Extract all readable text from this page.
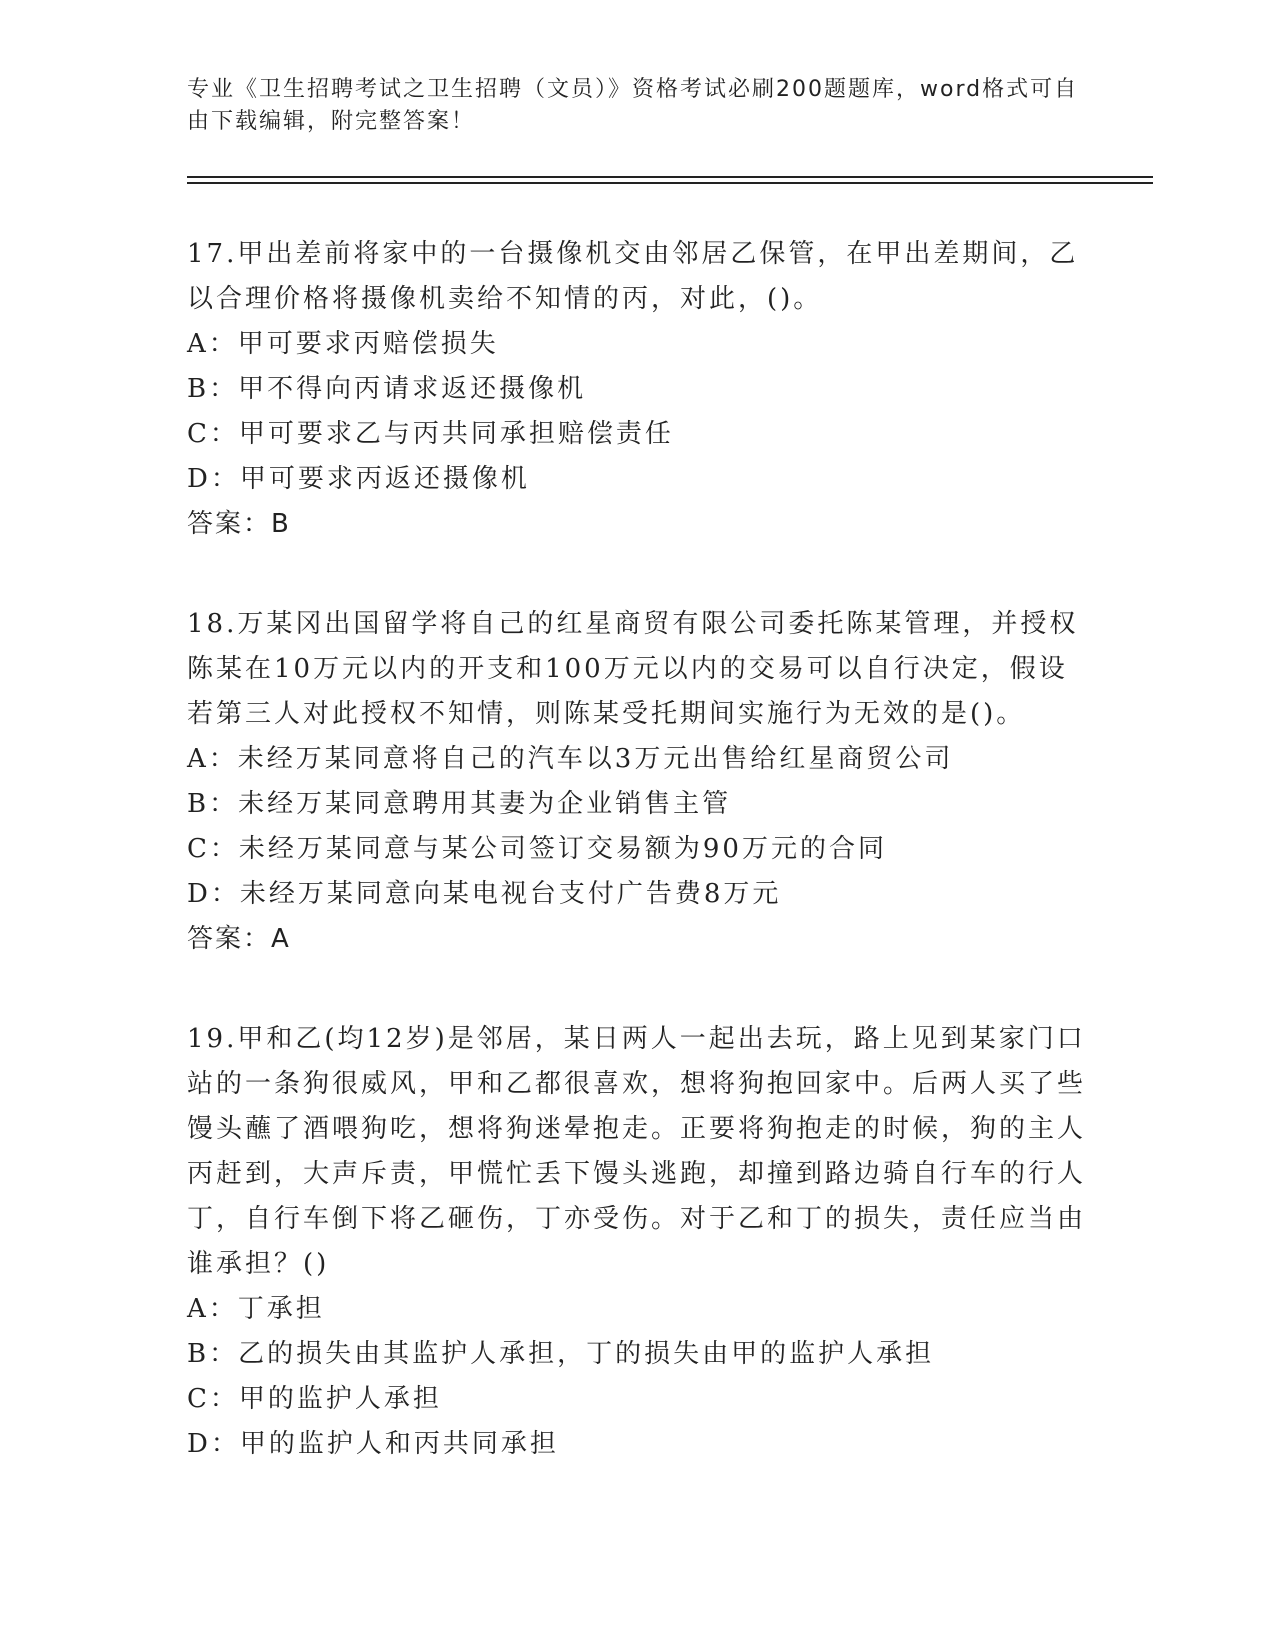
专业《卫生招聘考试之卫生招聘（文员）》资格考试必刷200题题库，word格式可自由下载编辑，附完整答案！

17.甲出差前将家中的一台摄像机交由邻居乙保管，在甲出差期间，乙以合理价格将摄像机卖给不知情的丙，对此，()。

A：甲可要求丙赔偿损失

B：甲不得向丙请求返还摄像机

C：甲可要求乙与丙共同承担赔偿责任

D：甲可要求丙返还摄像机

答案：B

18.万某冈出国留学将自己的红星商贸有限公司委托陈某管理，并授权陈某在10万元以内的开支和100万元以内的交易可以自行决定，假设若第三人对此授权不知情，则陈某受托期间实施行为无效的是()。

A：未经万某同意将自己的汽车以3万元出售给红星商贸公司

B：未经万某同意聘用其妻为企业销售主管

C：未经万某同意与某公司签订交易额为90万元的合同

D：未经万某同意向某电视台支付广告费8万元

答案：A

19.甲和乙(均12岁)是邻居，某日两人一起出去玩，路上见到某家门口站的一条狗很威风，甲和乙都很喜欢，想将狗抱回家中。后两人买了些馒头蘸了酒喂狗吃，想将狗迷晕抱走。正要将狗抱走的时候，狗的主人丙赶到，大声斥责，甲慌忙丢下馒头逃跑，却撞到路边骑自行车的行人丁，自行车倒下将乙砸伤，丁亦受伤。对于乙和丁的损失，责任应当由谁承担？()

A：丁承担

B：乙的损失由其监护人承担，丁的损失由甲的监护人承担

C：甲的监护人承担

D：甲的监护人和丙共同承担
